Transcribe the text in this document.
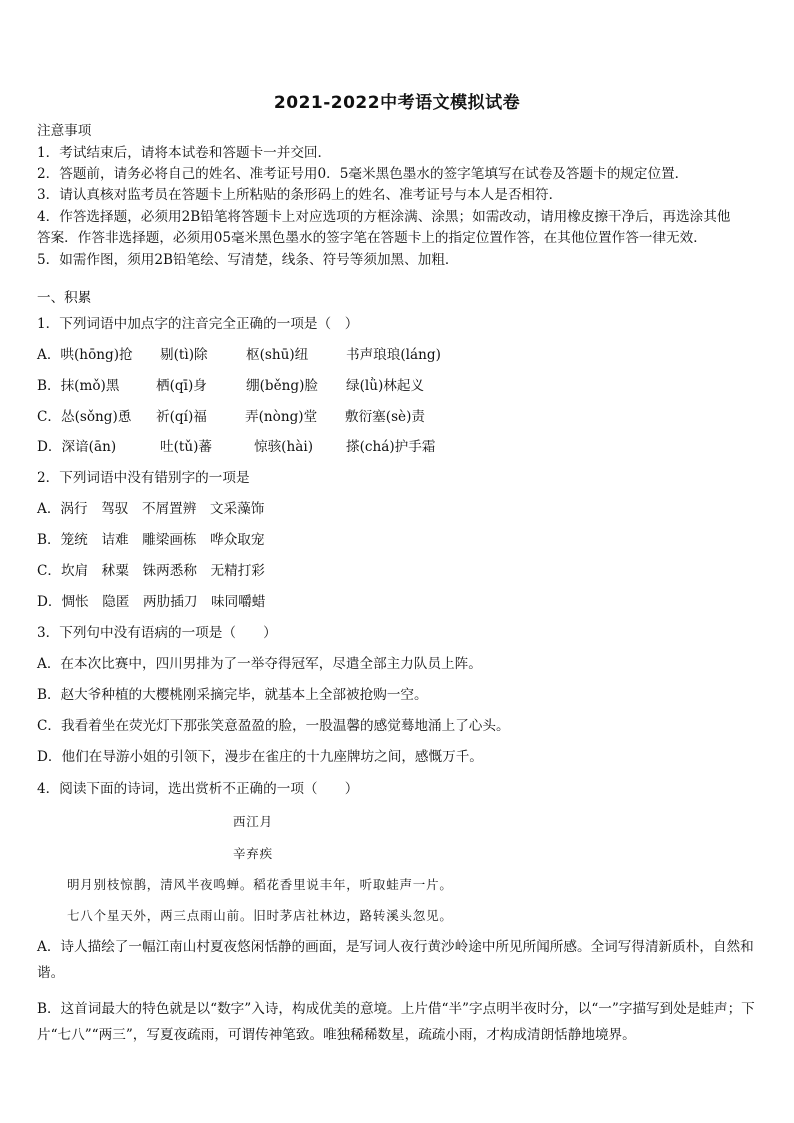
2021-2022中考语文模拟试卷
注意事项
1．考试结束后，请将本试卷和答题卡一并交回．
2．答题前，请务必将自己的姓名、准考证号用0．5毫米黑色墨水的签字笔填写在试卷及答题卡的规定位置．
3．请认真核对监考员在答题卡上所粘贴的条形码上的姓名、准考证号与本人是否相符．
4．作答选择题，必须用2B铅笔将答题卡上对应选项的方框涂满、涂黑；如需改动，请用橡皮擦干净后，再选涂其他
答案．作答非选择题，必须用05毫米黑色墨水的签字笔在答题卡上的指定位置作答，在其他位置作答一律无效．
5．如需作图，须用2B铅笔绘、写清楚，线条、符号等须加黑、加粗．
一、积累
1．下列词语中加点字的注音完全正确的一项是（　）
A．哄(hōng)抢 剔(tì)除	枢(shū)纽	书声琅琅(láng)
B．抹(mǒ)黑	栖(qī)身	绷(běng)脸 绿(lǜ)林起义
C．怂(sǒng)恿 祈(qí)福	弄(nòng)堂 敷衍塞(sè)责
D．深谙(ān)	吐(tǔ)蕃	惊骇(hài) 搽(chá)护手霜
2．下列词语中没有错别字的一项是
A．涡行　驾驭　不屑置辨　文采藻饰
B．笼统　诘难　雕梁画栋　哗众取宠
C．坎肩　秫粟　铢两悉称　无精打彩
D．惆怅　隐匿　两肋插刀　味同嚼蜡
3．下列句中没有语病的一项是（　　）
A．在本次比赛中，四川男排为了一举夺得冠军，尽遣全部主力队员上阵。
B．赵大爷种植的大樱桃刚采摘完毕，就基本上全部被抢购一空。
C．我看着坐在荧光灯下那张笑意盈盈的脸，一股温馨的感觉蓦地涌上了心头。
D．他们在导游小姐的引领下，漫步在雀庄的十九座牌坊之间，感慨万千。
4．阅读下面的诗词，选出赏析不正确的一项（　　）
西江月
辛弃疾
明月别枝惊鹊，清风半夜鸣蝉。稻花香里说丰年，听取蛙声一片。
七八个星天外，两三点雨山前。旧时茅店社林边，路转溪头忽见。
A．诗人描绘了一幅江南山村夏夜悠闲恬静的画面，是写词人夜行黄沙岭途中所见所闻所感。全词写得清新质朴，自然和谐。
B．这首词最大的特色就是以“数字”入诗，构成优美的意境。上片借“半”字点明半夜时分，以“一”字描写到处是蛙声；下片“七八”“两三”，写夏夜疏雨，可谓传神笔致。唯独稀稀数星，疏疏小雨，才构成清朗恬静地境界。
